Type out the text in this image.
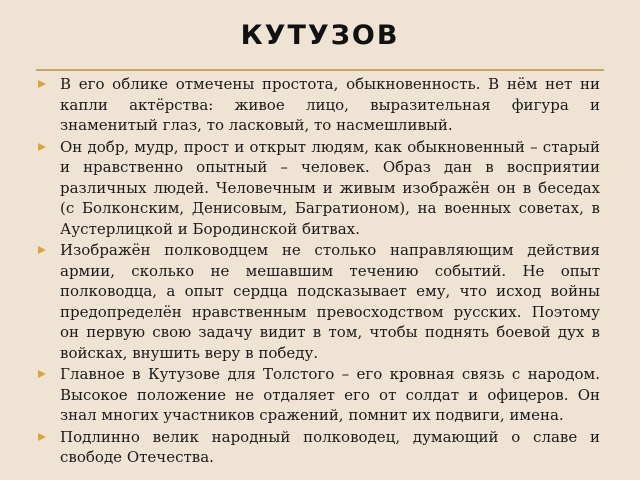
КУТУЗОВ
В его облике отмечены простота, обыкновенность. В нём нет ни капли актёрства: живое лицо, выразительная фигура и знаменитый глаз, то ласковый, то насмешливый.
Он добр, мудр, прост и открыт людям, как обыкновенный – старый и нравственно опытный – человек. Образ дан в восприятии различных людей. Человечным и живым изображён он в беседах (с Болконским, Денисовым, Багратионом), на военных советах, в Аустерлицкой и Бородинской битвах.
Изображён полководцем не столько направляющим действия армии, сколько не мешавшим течению событий. Не опыт полководца, а опыт сердца подсказывает ему, что исход войны предопределён нравственным превосходством русских. Поэтому он первую свою задачу видит в том, чтобы поднять боевой дух в войсках, внушить веру в победу.
Главное в Кутузове для Толстого – его кровная связь с народом. Высокое положение не отдаляет его от солдат и офицеров. Он знал многих участников сражений, помнит их подвиги, имена.
Подлинно велик народный полководец, думающий о славе и свободе Отечества.
